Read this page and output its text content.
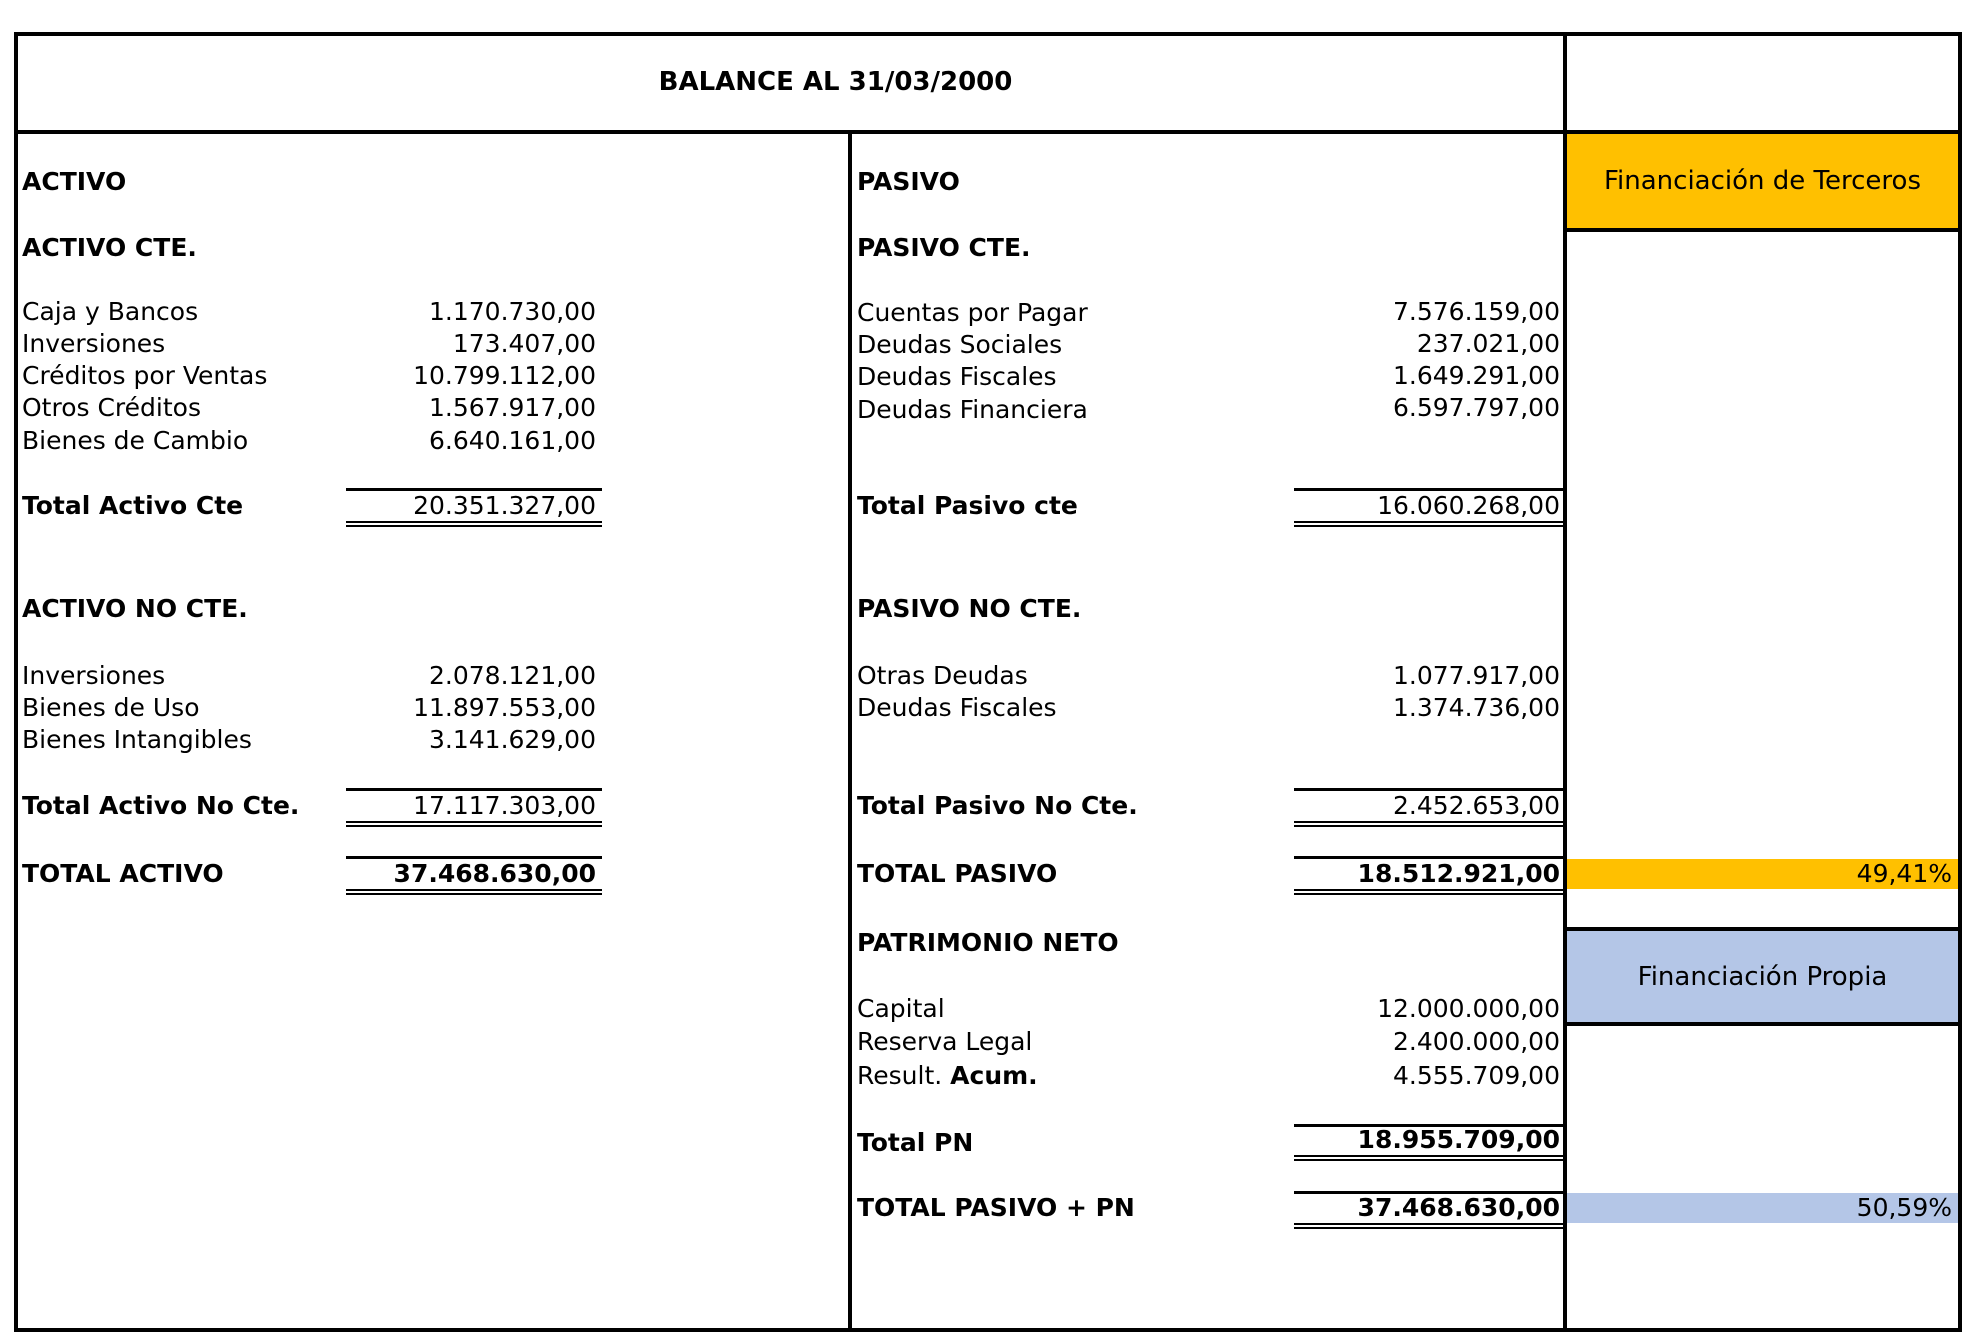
BALANCE AL 31/03/2000
ACTIVO
ACTIVO CTE.
Caja y Bancos	1.170.730,00
Inversiones	173.407,00
Créditos por Ventas	10.799.112,00
Otros Créditos	1.567.917,00
Bienes de Cambio	6.640.161,00
Total Activo Cte	20.351.327,00
ACTIVO NO CTE.
Inversiones	2.078.121,00
Bienes de Uso	11.897.553,00
Bienes Intangibles	3.141.629,00
Total Activo No Cte.	17.117.303,00
TOTAL ACTIVO	37.468.630,00
PASIVO
PASIVO CTE.
Cuentas por Pagar	7.576.159,00
Deudas Sociales	237.021,00
Deudas Fiscales	1.649.291,00
Deudas Financiera	6.597.797,00
Total Pasivo cte	16.060.268,00
PASIVO NO CTE.
Otras Deudas	1.077.917,00
Deudas Fiscales	1.374.736,00
Total Pasivo No Cte.	2.452.653,00
TOTAL PASIVO	18.512.921,00
PATRIMONIO NETO
Capital	12.000.000,00
Reserva Legal	2.400.000,00
Result. Acum.	4.555.709,00
Total PN	18.955.709,00
TOTAL PASIVO + PN	37.468.630,00
Financiación de Terceros
49,41%
Financiación Propia
50,59%
